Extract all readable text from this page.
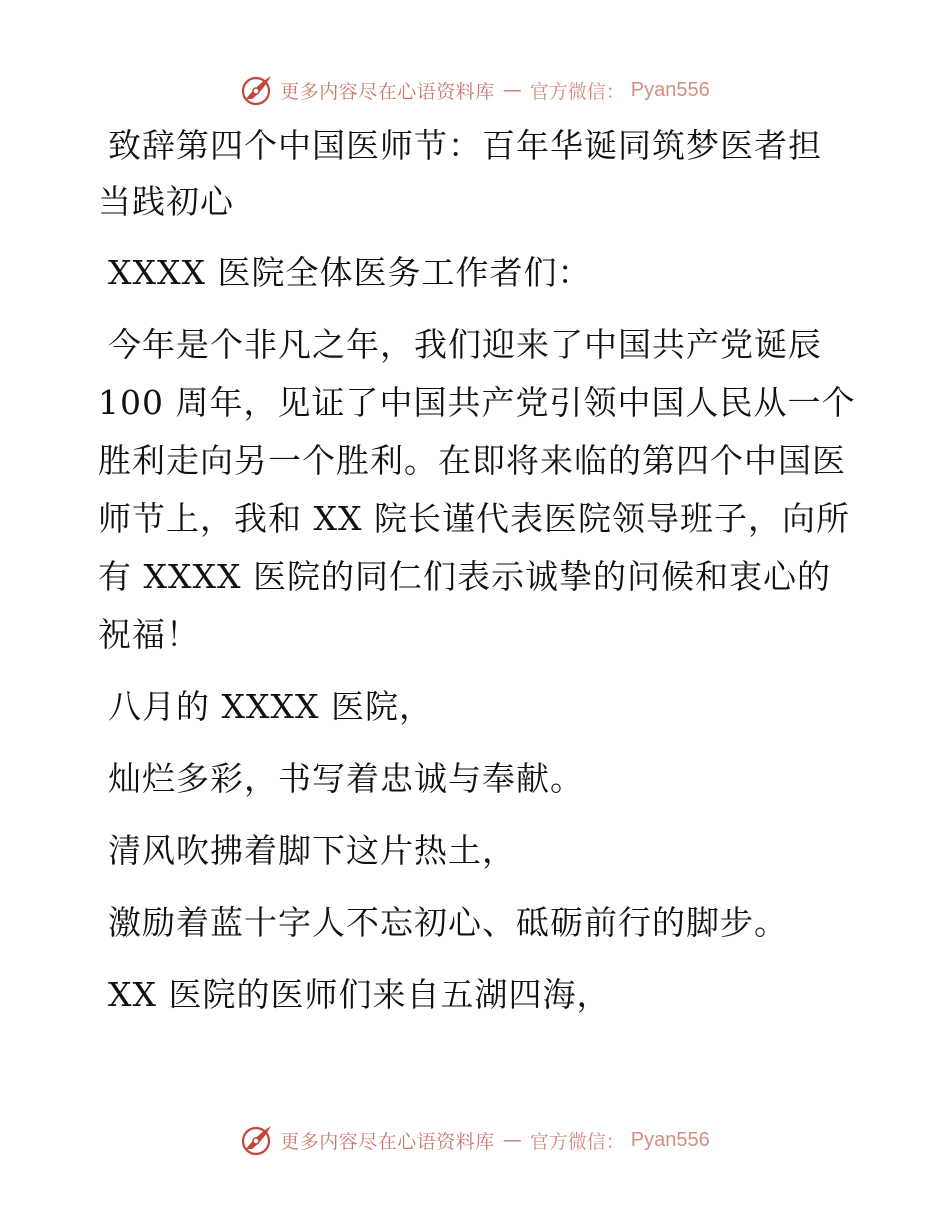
更多内容尽在心语资料库 — 官方微信： Pyan556
致辞第四个中国医师节：百年华诞同筑梦医者担
当践初心

XXXX 医院全体医务工作者们：

今年是个非凡之年，我们迎来了中国共产党诞辰 100 周年，见证了中国共产党引领中国人民从一个胜利走向另一个胜利。在即将来临的第四个中国医师节上，我和 XX 院长谨代表医院领导班子，向所有 XXXX 医院的同仁们表示诚挚的问候和衷心的祝福！

八月的 XXXX 医院，

灿烂多彩，书写着忠诚与奉献。

清风吹拂着脚下这片热土，

激励着蓝十字人不忘初心、砥砺前行的脚步。

XX 医院的医师们来自五湖四海，

更多内容尽在心语资料库 — 官方微信： Pyan556
